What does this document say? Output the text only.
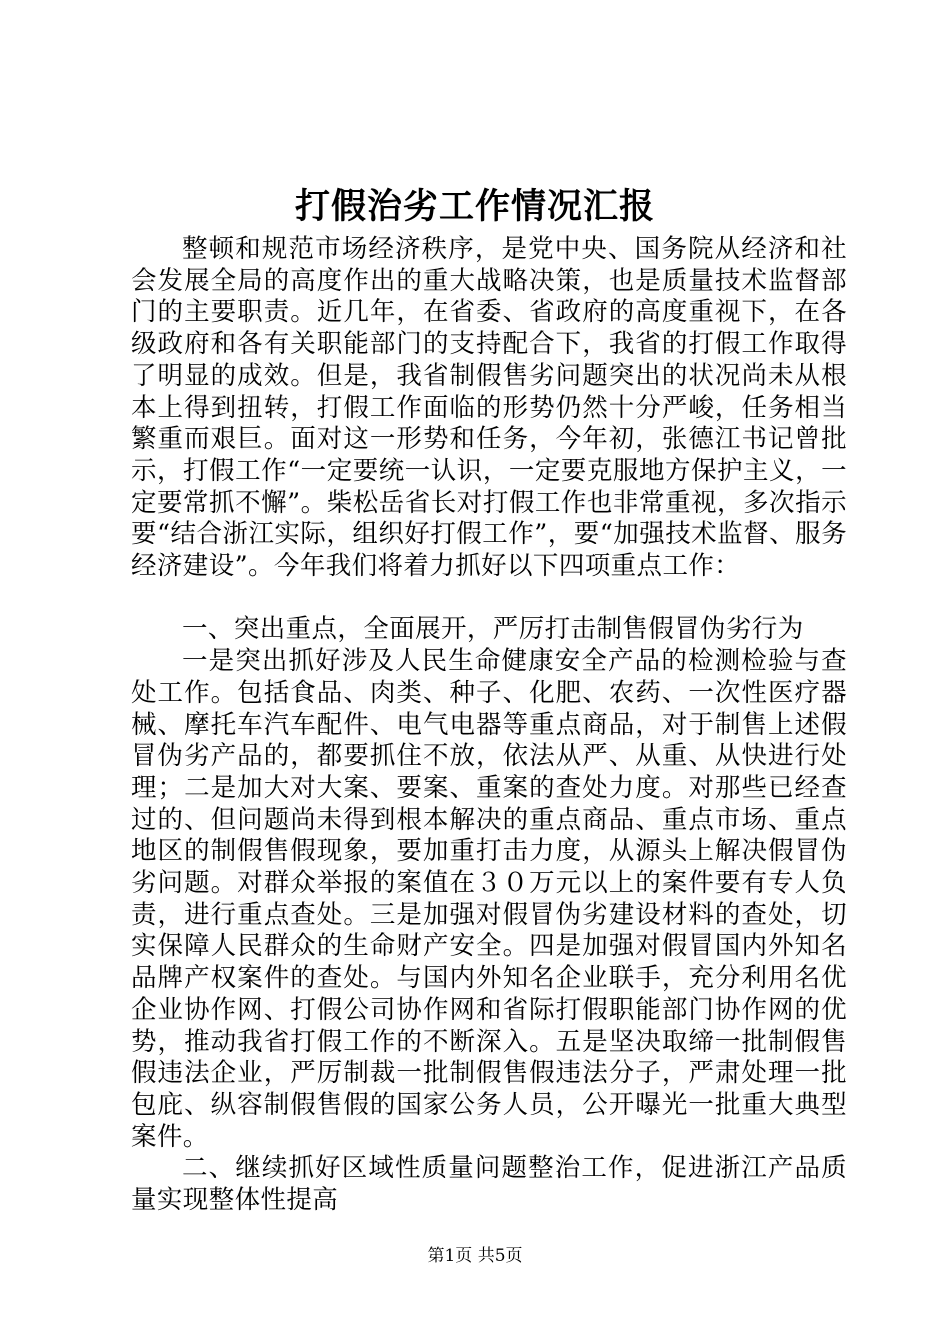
打假治劣工作情况汇报

整顿和规范市场经济秩序，是党中央、国务院从经济和社会发展全局的高度作出的重大战略决策，也是质量技术监督部门的主要职责。近几年，在省委、省政府的高度重视下，在各级政府和各有关职能部门的支持配合下，我省的打假工作取得了明显的成效。但是，我省制假售劣问题突出的状况尚未从根本上得到扭转，打假工作面临的形势仍然十分严峻，任务相当繁重而艰巨。面对这一形势和任务，今年初，张德江书记曾批示，打假工作“一定要统一认识，一定要克服地方保护主义，一定要常抓不懈”。柴松岳省长对打假工作也非常重视，多次指示要“结合浙江实际，组织好打假工作”，要“加强技术监督、服务经济建设”。今年我们将着力抓好以下四项重点工作：

一、突出重点，全面展开，严厉打击制售假冒伪劣行为

一是突出抓好涉及人民生命健康安全产品的检测检验与查处工作。包括食品、肉类、种子、化肥、农药、一次性医疗器械、摩托车汽车配件、电气电器等重点商品，对于制售上述假冒伪劣产品的，都要抓住不放，依法从严、从重、从快进行处理；二是加大对大案、要案、重案的查处力度。对那些已经查过的、但问题尚未得到根本解决的重点商品、重点市场、重点地区的制假售假现象，要加重打击力度，从源头上解决假冒伪劣问题。对群众举报的案值在３０万元以上的案件要有专人负责，进行重点查处。三是加强对假冒伪劣建设材料的查处，切实保障人民群众的生命财产安全。四是加强对假冒国内外知名品牌产权案件的查处。与国内外知名企业联手，充分利用名优企业协作网、打假公司协作网和省际打假职能部门协作网的优势，推动我省打假工作的不断深入。五是坚决取缔一批制假售假违法企业，严厉制裁一批制假售假违法分子，严肃处理一批包庇、纵容制假售假的国家公务人员，公开曝光一批重大典型案件。

二、继续抓好区域性质量问题整治工作，促进浙江产品质量实现整体性提高

第1页 共5页
